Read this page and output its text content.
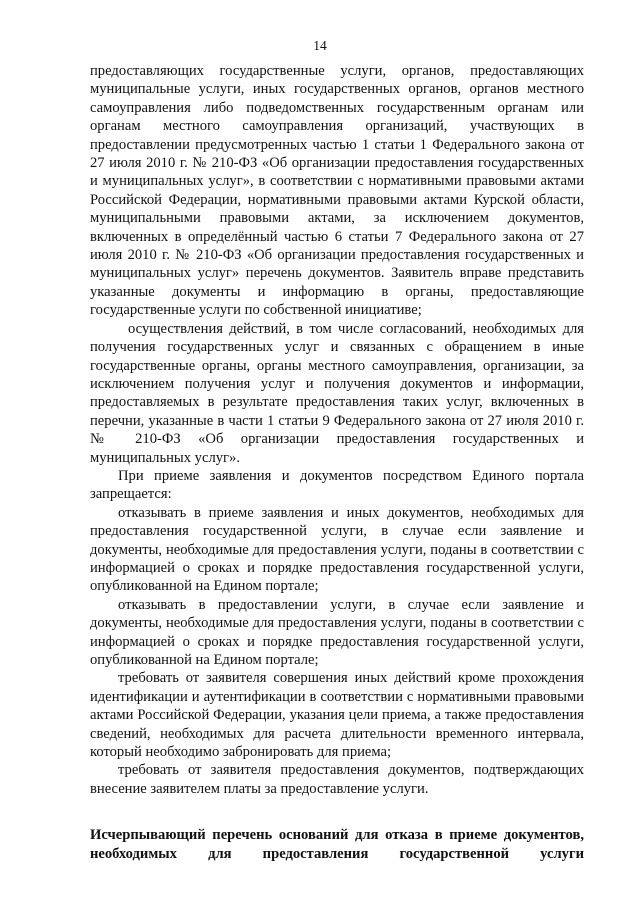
14

предоставляющих государственные услуги, органов, предоставляющих муниципальные услуги, иных государственных органов, органов местного самоуправления либо подведомственных государственным органам или органам местного самоуправления организаций, участвующих в предоставлении предусмотренных частью 1 статьи 1 Федерального закона от 27 июля 2010 г. № 210-ФЗ «Об организации предоставления государственных и муниципальных услуг», в соответствии с нормативными правовыми актами Российской Федерации, нормативными правовыми актами Курской области, муниципальными правовыми актами, за исключением документов, включенных в определённый частью 6 статьи 7 Федерального закона от 27 июля 2010 г. № 210-ФЗ «Об организации предоставления государственных и муниципальных услуг» перечень документов. Заявитель вправе представить указанные документы и информацию в органы, предоставляющие государственные услуги по собственной инициативе;

осуществления действий, в том числе согласований, необходимых для получения государственных услуг и связанных с обращением в иные государственные органы, органы местного самоуправления, организации, за исключением получения услуг и получения документов и информации, предоставляемых в результате предоставления таких услуг, включенных в перечни, указанные в части 1 статьи 9 Федерального закона от 27 июля 2010 г. № 210-ФЗ «Об организации предоставления государственных и муниципальных услуг».

При приеме заявления и документов посредством Единого портала запрещается:

отказывать в приеме заявления и иных документов, необходимых для предоставления государственной услуги, в случае если заявление и документы, необходимые для предоставления услуги, поданы в соответствии с информацией о сроках и порядке предоставления государственной услуги, опубликованной на Едином портале;

отказывать в предоставлении услуги, в случае если заявление и документы, необходимые для предоставления услуги, поданы в соответствии с информацией о сроках и порядке предоставления государственной услуги, опубликованной на Едином портале;

требовать от заявителя совершения иных действий кроме прохождения идентификации и аутентификации в соответствии с нормативными правовыми актами Российской Федерации, указания цели приема, а также предоставления сведений, необходимых для расчета длительности временного интервала, который необходимо забронировать для приема;

требовать от заявителя предоставления документов, подтверждающих внесение заявителем платы за предоставление услуги.

Исчерпывающий перечень оснований для отказа в приеме документов, необходимых для предоставления государственной услуги
